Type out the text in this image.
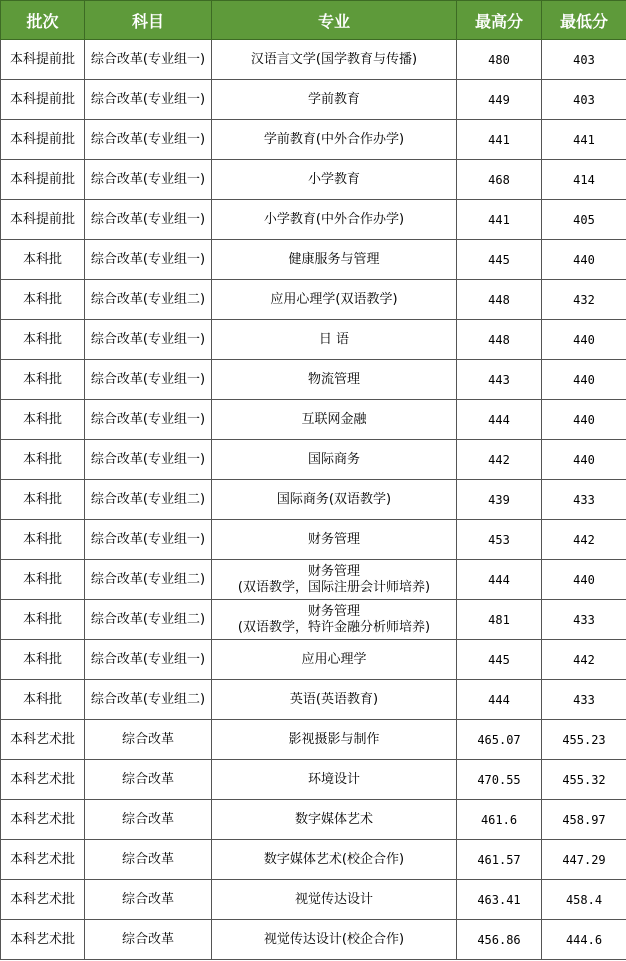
批次	科目	专业	最高分	最低分
本科提前批	综合改革(专业组一)	汉语言文学(国学教育与传播)	480	403
本科提前批	综合改革(专业组一)	学前教育	449	403
本科提前批	综合改革(专业组一)	学前教育(中外合作办学)	441	441
本科提前批	综合改革(专业组一)	小学教育	468	414
本科提前批	综合改革(专业组一)	小学教育(中外合作办学)	441	405
本科批	综合改革(专业组一)	健康服务与管理	445	440
本科批	综合改革(专业组二)	应用心理学(双语教学)	448	432
本科批	综合改革(专业组一)	日 语	448	440
本科批	综合改革(专业组一)	物流管理	443	440
本科批	综合改革(专业组一)	互联网金融	444	440
本科批	综合改革(专业组一)	国际商务	442	440
本科批	综合改革(专业组二)	国际商务(双语教学)	439	433
本科批	综合改革(专业组一)	财务管理	453	442
本科批	综合改革(专业组二)	财务管理
(双语教学，国际注册会计师培养)	444	440
本科批	综合改革(专业组二)	财务管理
(双语教学，特许金融分析师培养)	481	433
本科批	综合改革(专业组一)	应用心理学	445	442
本科批	综合改革(专业组二)	英语(英语教育)	444	433
本科艺术批	综合改革	影视摄影与制作	465.07	455.23
本科艺术批	综合改革	环境设计	470.55	455.32
本科艺术批	综合改革	数字媒体艺术	461.6	458.97
本科艺术批	综合改革	数字媒体艺术(校企合作)	461.57	447.29
本科艺术批	综合改革	视觉传达设计	463.41	458.4
本科艺术批	综合改革	视觉传达设计(校企合作)	456.86	444.6
